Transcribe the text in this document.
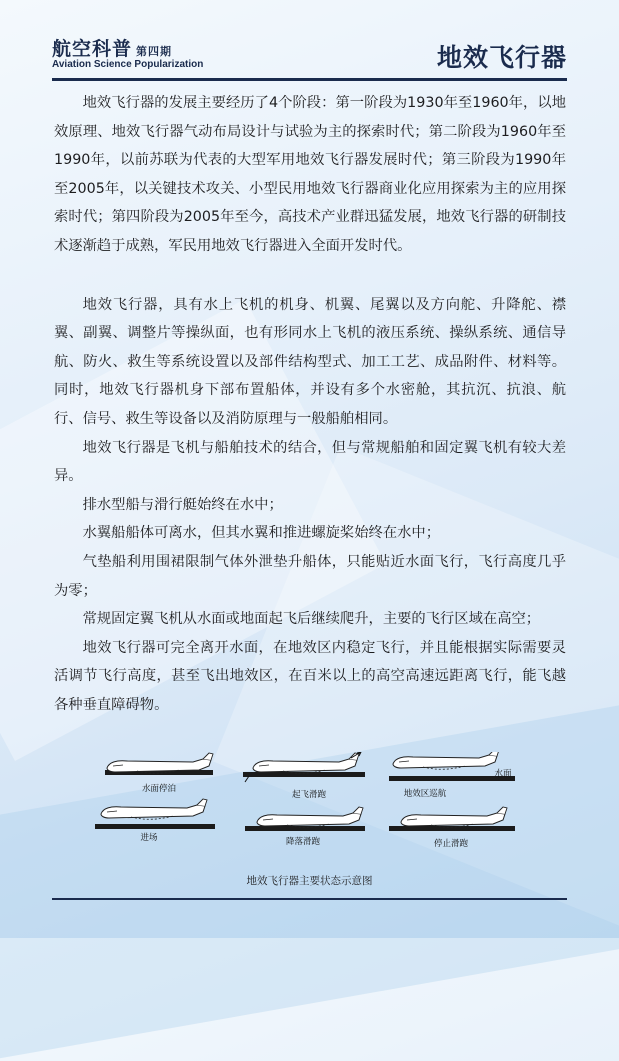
航空科普 第四期
Aviation Science Popularization	地效飞行器

地效飞行器的发展主要经历了4个阶段：第一阶段为1930年至1960年，以地效原理、地效飞行器气动布局设计与试验为主的探索时代；第二阶段为1960年至1990年，以前苏联为代表的大型军用地效飞行器发展时代；第三阶段为1990年至2005年，以关键技术攻关、小型民用地效飞行器商业化应用探索为主的应用探索时代；第四阶段为2005年至今，高技术产业群迅猛发展，地效飞行器的研制技术逐渐趋于成熟，军民用地效飞行器进入全面开发时代。

地效飞行器，具有水上飞机的机身、机翼、尾翼以及方向舵、升降舵、襟翼、副翼、调整片等操纵面，也有形同水上飞机的液压系统、操纵系统、通信导航、防火、救生等系统设置以及部件结构型式、加工工艺、成品附件、材料等。同时，地效飞行器机身下部布置船体，并设有多个水密舱，其抗沉、抗浪、航行、信号、救生等设备以及消防原理与一般船舶相同。

地效飞行器是飞机与船舶技术的结合，但与常规船舶和固定翼飞机有较大差异。

排水型船与滑行艇始终在水中；

水翼船船体可离水，但其水翼和推进螺旋桨始终在水中；

气垫船利用围裙限制气体外泄垫升船体，只能贴近水面飞行，飞行高度几乎为零；

常规固定翼飞机从水面或地面起飞后继续爬升，主要的飞行区域在高空；

地效飞行器可完全离开水面，在地效区内稳定飞行，并且能根据实际需要灵活调节飞行高度，甚至飞出地效区，在百米以上的高空高速远距离飞行，能飞越各种垂直障碍物。

水面停泊
起飞滑跑	地效区巡航
水面
进场	降落滑跑	停止滑跑
地效飞行器主要状态示意图
